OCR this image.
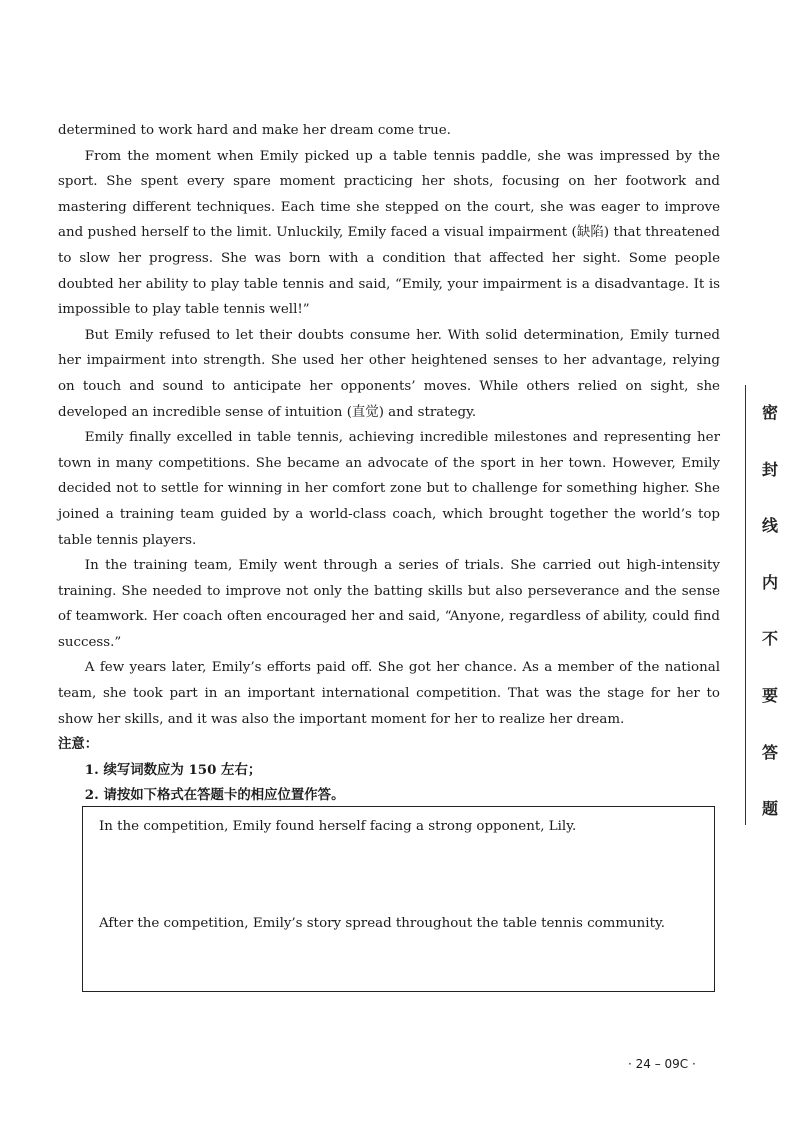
determined to work hard and make her dream come true.

From the moment when Emily picked up a table tennis paddle, she was impressed by the sport. She spent every spare moment practicing her shots, focusing on her footwork and mastering different techniques. Each time she stepped on the court, she was eager to improve and pushed herself to the limit. Unluckily, Emily faced a visual impairment (缺陷) that threatened to slow her progress. She was born with a condition that affected her sight. Some people doubted her ability to play table tennis and said, “Emily, your impairment is a disadvantage. It is impossible to play table tennis well!”

But Emily refused to let their doubts consume her. With solid determination, Emily turned her impairment into strength. She used her other heightened senses to her advantage, relying on touch and sound to anticipate her opponents’ moves. While others relied on sight, she developed an incredible sense of intuition (直觉) and strategy.

Emily finally excelled in table tennis, achieving incredible milestones and representing her town in many competitions. She became an advocate of the sport in her town. However, Emily decided not to settle for winning in her comfort zone but to challenge for something higher. She joined a training team guided by a world-class coach, which brought together the world’s top table tennis players.

In the training team, Emily went through a series of trials. She carried out high-intensity training. She needed to improve not only the batting skills but also perseverance and the sense of teamwork. Her coach often encouraged her and said, “Anyone, regardless of ability, could find success.”

A few years later, Emily’s efforts paid off. She got her chance. As a member of the national team, she took part in an important international competition. That was the stage for her to show her skills, and it was also the important moment for her to realize her dream.

注意：

1. 续写词数应为 150 左右；

2. 请按如下格式在答题卡的相应位置作答。

In the competition, Emily found herself facing a strong opponent, Lily.

After the competition, Emily’s story spread throughout the table tennis community.

密
封
线
内
不
要
答
题
· 24 – 09C ·
